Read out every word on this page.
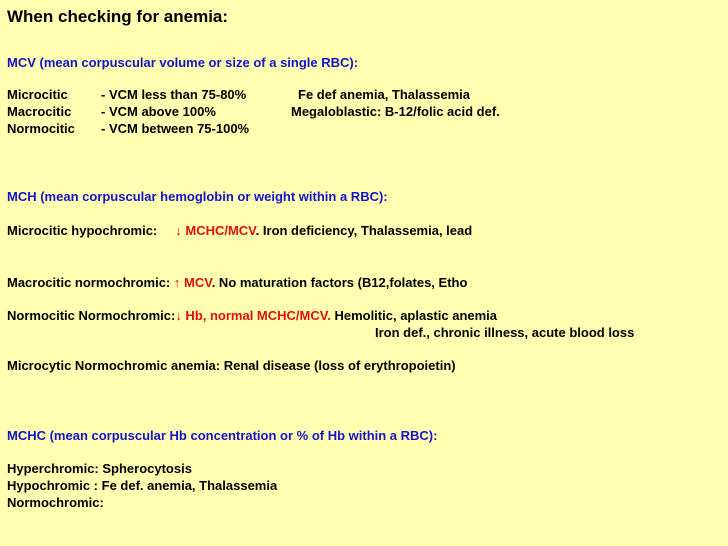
When checking for anemia:
MCV (mean corpuscular volume or size of a single RBC):
Microcitic	- VCM less than 75-80%	Fe def anemia, Thalassemia
Macrocitic - VCM above 100%	Megaloblastic: B-12/folic acid def.
Normocitic - VCM between 75-100%
MCH (mean corpuscular hemoglobin or weight within a RBC):
Microcitic hypochromic: ↓ MCHC/MCV. Iron deficiency, Thalassemia, lead
Macrocitic normochromic: ↑ MCV. No maturation factors (B12,folates, Etho
Normocitic Normochromic:↓ Hb, normal MCHC/MCV. Hemolitic, aplastic anemia
Iron def., chronic illness, acute blood loss
Microcytic Normochromic anemia: Renal disease (loss of erythropoietin)
MCHC (mean corpuscular Hb concentration or % of Hb within a RBC):
Hyperchromic: Spherocytosis
Hypochromic : Fe def. anemia, Thalassemia
Normochromic:
